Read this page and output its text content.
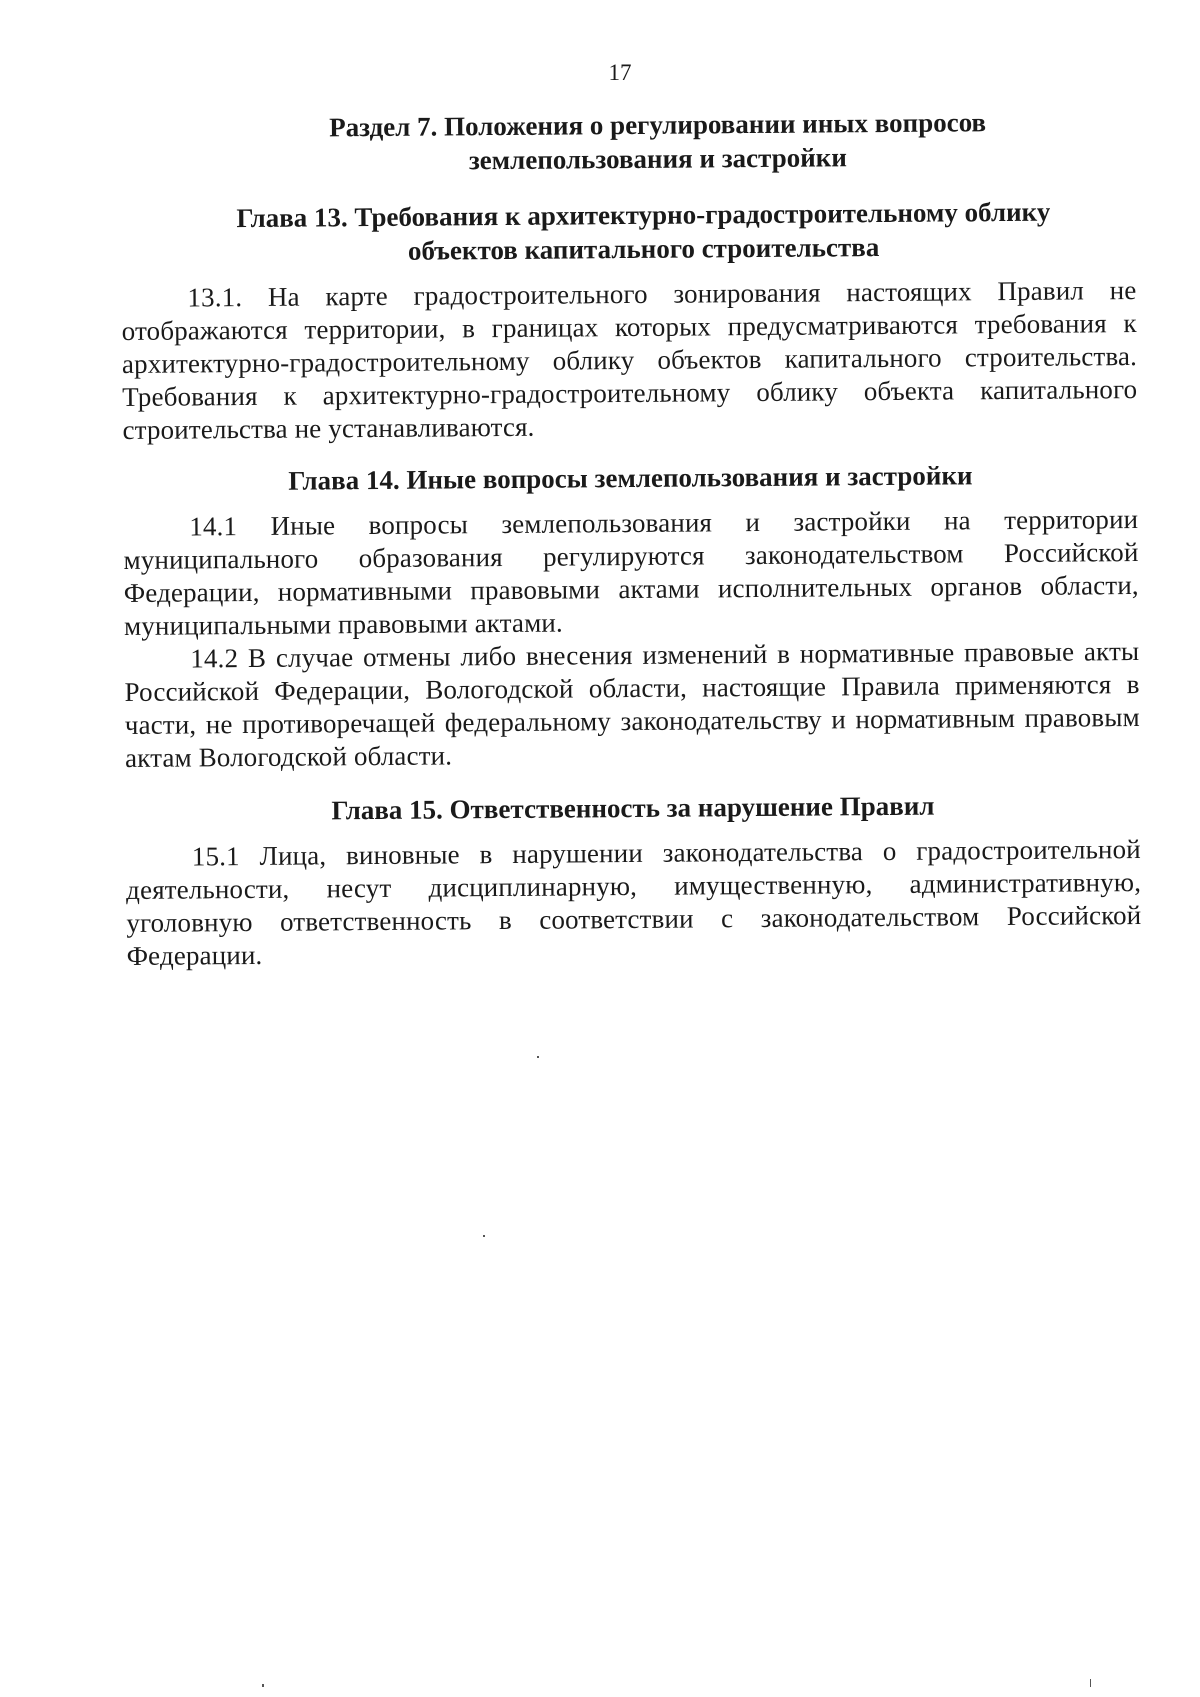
17
Раздел 7. Положения о регулировании иных вопросов
землепользования и застройки
Глава 13. Требования к архитектурно-градостроительному облику
объектов капитального строительства

13.1. На карте градостроительного зонирования настоящих Правил не отображаются территории, в границах которых предусматриваются требования к архитектурно-градостроительному облику объектов капитального строительства. Требования к архитектурно-градостроительному облику объекта капитального строительства не устанавливаются.

Глава 14. Иные вопросы землепользования и застройки

14.1 Иные вопросы землепользования и застройки на территории муниципального образования регулируются законодательством Российской Федерации, нормативными правовыми актами исполнительных органов области, муниципальными правовыми актами.

14.2 В случае отмены либо внесения изменений в нормативные правовые акты Российской Федерации, Вологодской области, настоящие Правила применяются в части, не противоречащей федеральному законодательству и нормативным правовым актам Вологодской области.

Глава 15. Ответственность за нарушение Правил

15.1 Лица, виновные в нарушении законодательства о градостроительной деятельности, несут дисциплинарную, имущественную, административную, уголовную ответственность в соответствии с законодательством Российской Федерации.
